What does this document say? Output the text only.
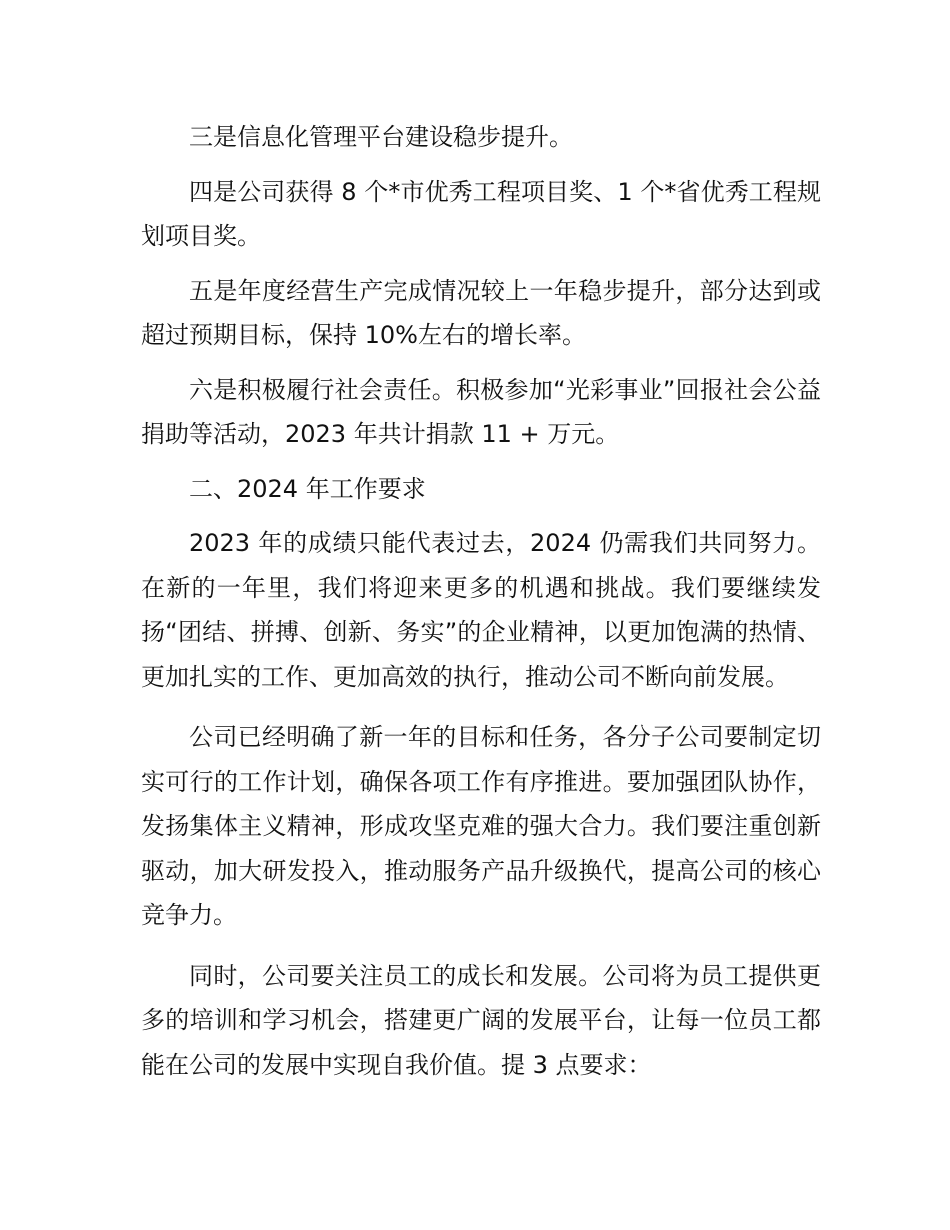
三是信息化管理平台建设稳步提升。

四是公司获得 8 个*市优秀工程项目奖、1 个*省优秀工程规划项目奖。

五是年度经营生产完成情况较上一年稳步提升，部分达到或超过预期目标，保持 10%左右的增长率。

六是积极履行社会责任。积极参加“光彩事业”回报社会公益捐助等活动，2023 年共计捐款 11 + 万元。

二、2024 年工作要求

2023 年的成绩只能代表过去，2024 仍需我们共同努力。在新的一年里，我们将迎来更多的机遇和挑战。我们要继续发扬“团结、拼搏、创新、务实”的企业精神，以更加饱满的热情、更加扎实的工作、更加高效的执行，推动公司不断向前发展。

公司已经明确了新一年的目标和任务，各分子公司要制定切实可行的工作计划，确保各项工作有序推进。要加强团队协作，发扬集体主义精神，形成攻坚克难的强大合力。我们要注重创新驱动，加大研发投入，推动服务产品升级换代，提高公司的核心竞争力。

同时，公司要关注员工的成长和发展。公司将为员工提供更多的培训和学习机会，搭建更广阔的发展平台，让每一位员工都能在公司的发展中实现自我价值。提 3 点要求：
